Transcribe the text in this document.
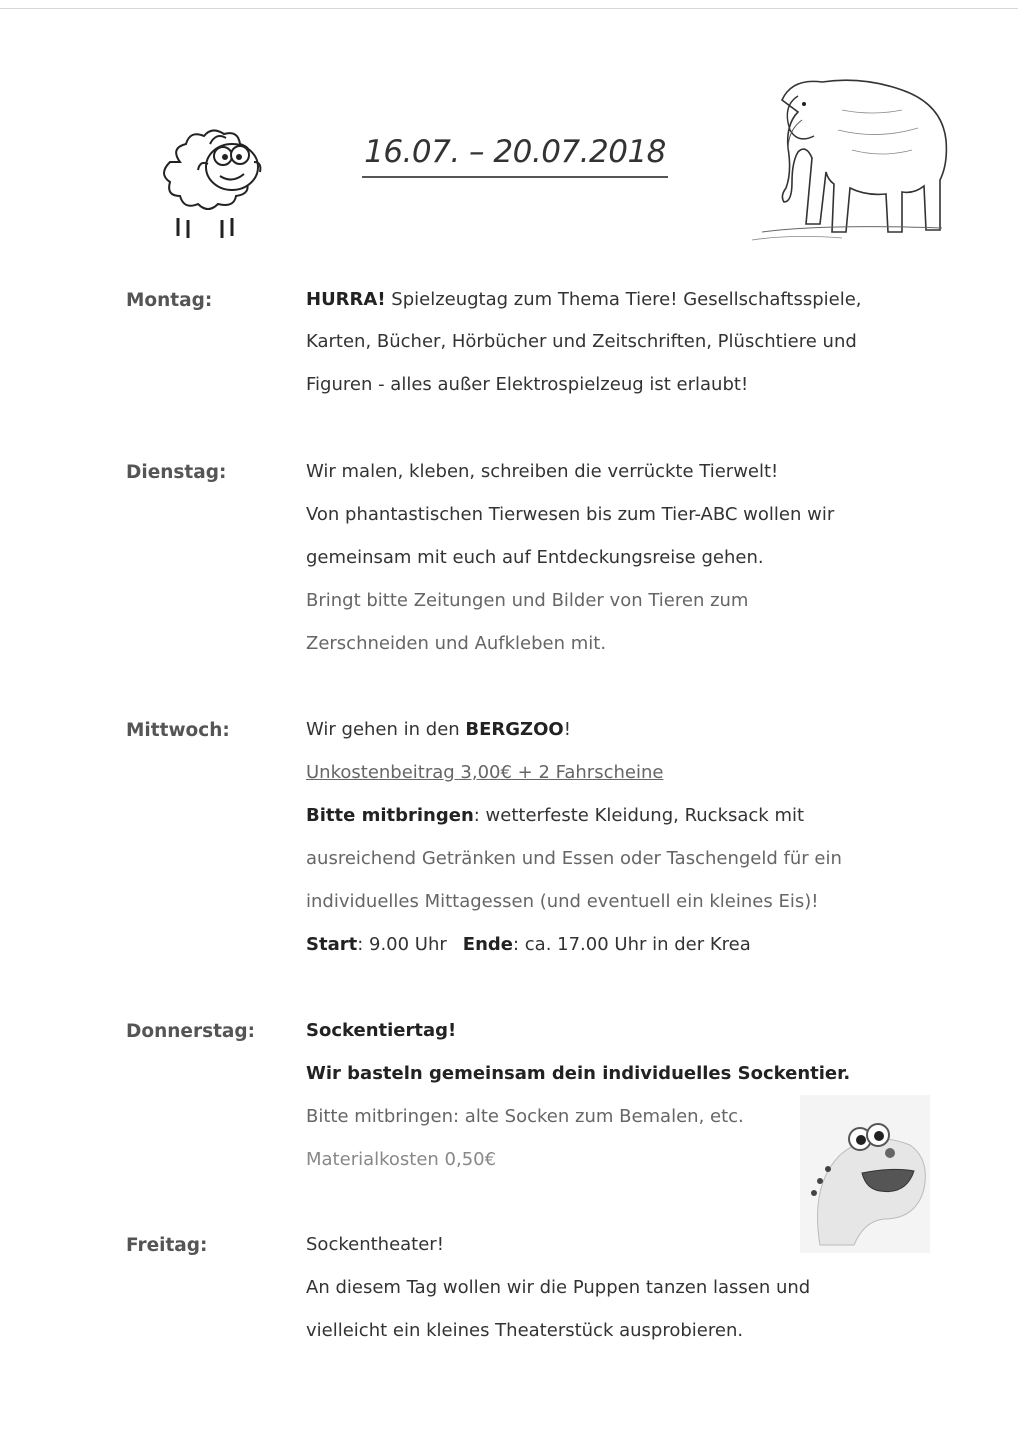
16.07. – 20.07.2018
Montag:	HURRA! Spielzeugtag zum Thema Tiere! Gesellschaftsspiele,
Karten, Bücher, Hörbücher und Zeitschriften, Plüschtiere und
Figuren - alles außer Elektrospielzeug ist erlaubt!
Dienstag:	Wir malen, kleben, schreiben die verrückte Tierwelt!
Von phantastischen Tierwesen bis zum Tier-ABC wollen wir
gemeinsam mit euch auf Entdeckungsreise gehen.
Bringt bitte Zeitungen und Bilder von Tieren zum
Zerschneiden und Aufkleben mit.
Mittwoch:	Wir gehen in den BERGZOO!
Unkostenbeitrag 3,00€ + 2 Fahrscheine
Bitte mitbringen: wetterfeste Kleidung, Rucksack mit
ausreichend Getränken und Essen oder Taschengeld für ein
individuelles Mittagessen (und eventuell ein kleines Eis)!
Start: 9.00 Uhr Ende: ca. 17.00 Uhr in der Krea
Donnerstag:	Sockentiertag!
Wir basteln gemeinsam dein individuelles Sockentier.
Bitte mitbringen: alte Socken zum Bemalen, etc.
Materialkosten 0,50€
Freitag:	Sockentheater!
An diesem Tag wollen wir die Puppen tanzen lassen und
vielleicht ein kleines Theaterstück ausprobieren.
